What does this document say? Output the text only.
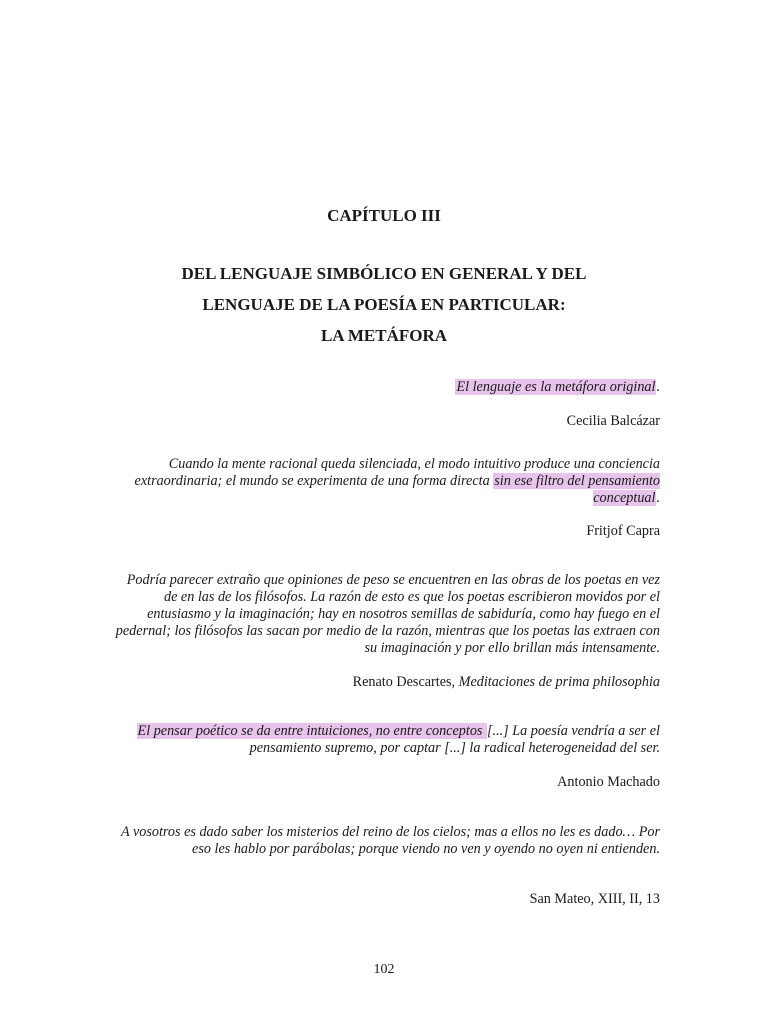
CAPÍTULO III
DEL LENGUAJE SIMBÓLICO EN GENERAL Y DEL
LENGUAJE DE LA POESÍA EN PARTICULAR:
LA METÁFORA

El lenguaje es la metáfora original.

Cecilia Balcázar

Cuando la mente racional queda silenciada, el modo intuitivo produce una conciencia extraordinaria; el mundo se experimenta de una forma directa sin ese filtro del pensamiento conceptual.

Fritjof Capra

Podría parecer extraño que opiniones de peso se encuentren en las obras de los poetas en vez de en las de los filósofos. La razón de esto es que los poetas escribieron movidos por el entusiasmo y la imaginación; hay en nosotros semillas de sabiduría, como hay fuego en el pedernal; los filósofos las sacan por medio de la razón, mientras que los poetas las extraen con su imaginación y por ello brillan más intensamente.

Renato Descartes, Meditaciones de prima philosophia

El pensar poético se da entre intuiciones, no entre conceptos [...] La poesía vendría a ser el pensamiento supremo, por captar [...] la radical heterogeneidad del ser.

Antonio Machado

A vosotros es dado saber los misterios del reino de los cielos; mas a ellos no les es dado… Por eso les hablo por parábolas; porque viendo no ven y oyendo no oyen ni entienden.

San Mateo, XIII, II, 13

102
